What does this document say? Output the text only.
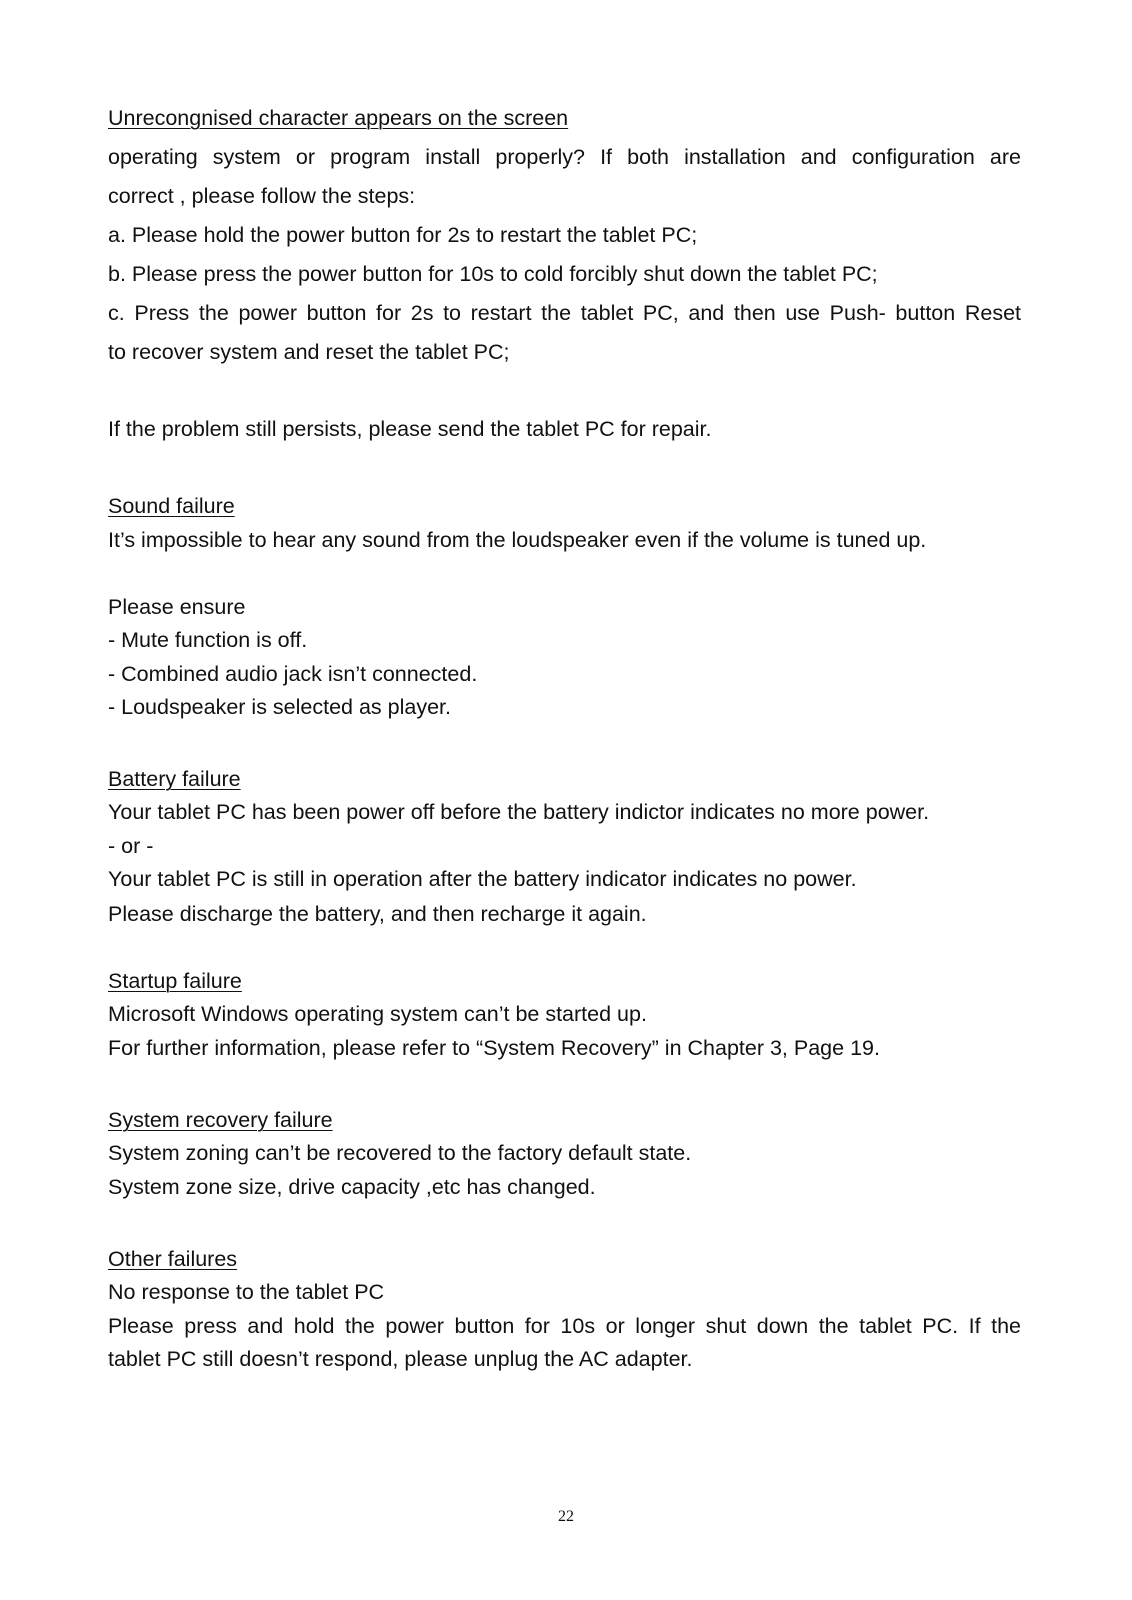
Unrecongnised character appears on the screen
operating system or program install properly? If both installation and configuration are
correct , please follow the steps:
a. Please hold the power button for 2s to restart the tablet PC;
b. Please press the power button for 10s to cold forcibly shut down the tablet PC;
c. Press the power button for 2s to restart the tablet PC, and then use Push- button Reset
to recover system and reset the tablet PC;
If the problem still persists, please send the tablet PC for repair.
Sound failure
It’s impossible to hear any sound from the loudspeaker even if the volume is tuned up.
Please ensure
- Mute function is off.
- Combined audio jack isn’t connected.
- Loudspeaker is selected as player.
Battery failure
Your tablet PC has been power off before the battery indictor indicates no more power.
- or -
Your tablet PC is still in operation after the battery indicator indicates no power.
Please discharge the battery, and then recharge it again.
Startup failure
Microsoft Windows operating system can’t be started up.
For further information, please refer to “System Recovery” in Chapter 3, Page 19.
System recovery failure
System zoning can’t be recovered to the factory default state.
System zone size, drive capacity ,etc has changed.
Other failures
No response to the tablet PC
Please press and hold the power button for 10s or longer shut down the tablet PC. If the
tablet PC still doesn’t respond, please unplug the AC adapter.
22
